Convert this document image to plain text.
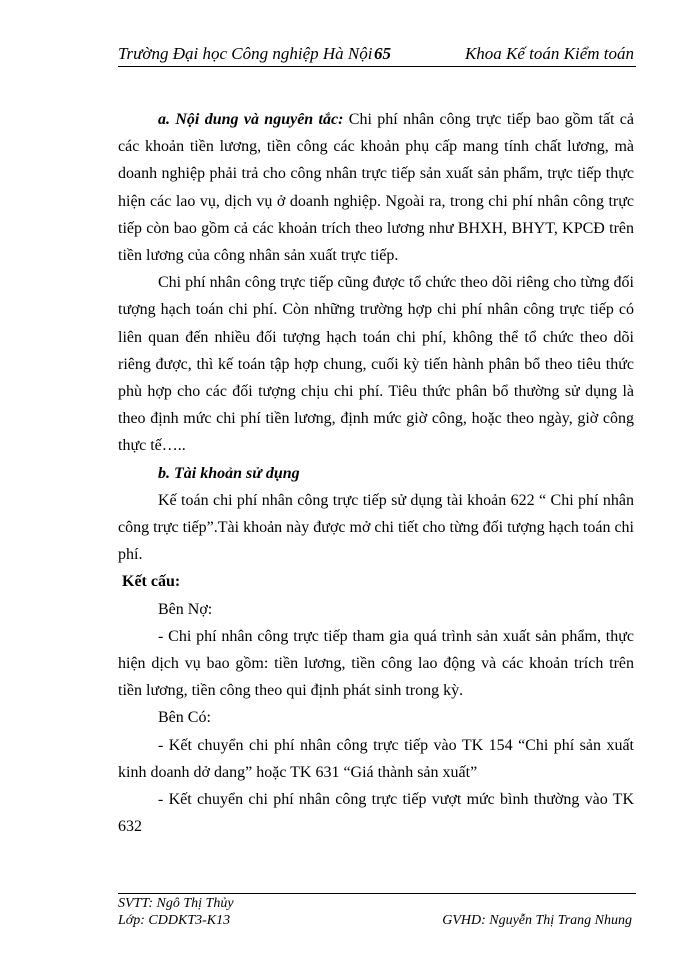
Trường Đại học Công nghiệp Hà Nội 65	Khoa Kế toán Kiểm toán

a. Nội dung và nguyên tắc: Chi phí nhân công trực tiếp bao gồm tất cả các khoản tiền lương, tiền công các khoản phụ cấp mang tính chất lương, mà doanh nghiệp phải trả cho công nhân trực tiếp sản xuất sản phẩm, trực tiếp thực hiện các lao vụ, dịch vụ ở doanh nghiệp. Ngoài ra, trong chi phí nhân công trực tiếp còn bao gồm cả các khoản trích theo lương như BHXH, BHYT, KPCĐ trên tiền lương của công nhân sản xuất trực tiếp.

Chi phí nhân công trực tiếp cũng được tổ chức theo dõi riêng cho từng đối tượng hạch toán chi phí. Còn những trường hợp chi phí nhân công trực tiếp có liên quan đến nhiều đối tượng hạch toán chi phí, không thể tổ chức theo dõi riêng được, thì kế toán tập hợp chung, cuối kỳ tiến hành phân bổ theo tiêu thức phù hợp cho các đối tượng chịu chi phí. Tiêu thức phân bổ thường sử dụng là theo định mức chi phí tiền lương, định mức giờ công, hoặc theo ngày, giờ công thực tế…..

b. Tài khoản sử dụng

Kế toán chi phí nhân công trực tiếp sử dụng tài khoản 622 “ Chi phí nhân công trực tiếp”.Tài khoản này được mở chi tiết cho từng đối tượng hạch toán chi phí.

Kết cấu:

Bên Nợ:

- Chi phí nhân công trực tiếp tham gia quá trình sản xuất sản phẩm, thực hiện dịch vụ bao gồm: tiền lương, tiền công lao động và các khoản trích trên tiền lương, tiền công theo qui định phát sinh trong kỳ.

Bên Có:

- Kết chuyển chi phí nhân công trực tiếp vào TK 154 “Chi phí sản xuất kinh doanh dở dang” hoặc TK 631 “Giá thành sản xuất”

- Kết chuyển chi phí nhân công trực tiếp vượt mức bình thường vào TK 632

SVTT: Ngô Thị Thủy
Lớp: CDDKT3-K13	GVHD: Nguyễn Thị Trang Nhung
